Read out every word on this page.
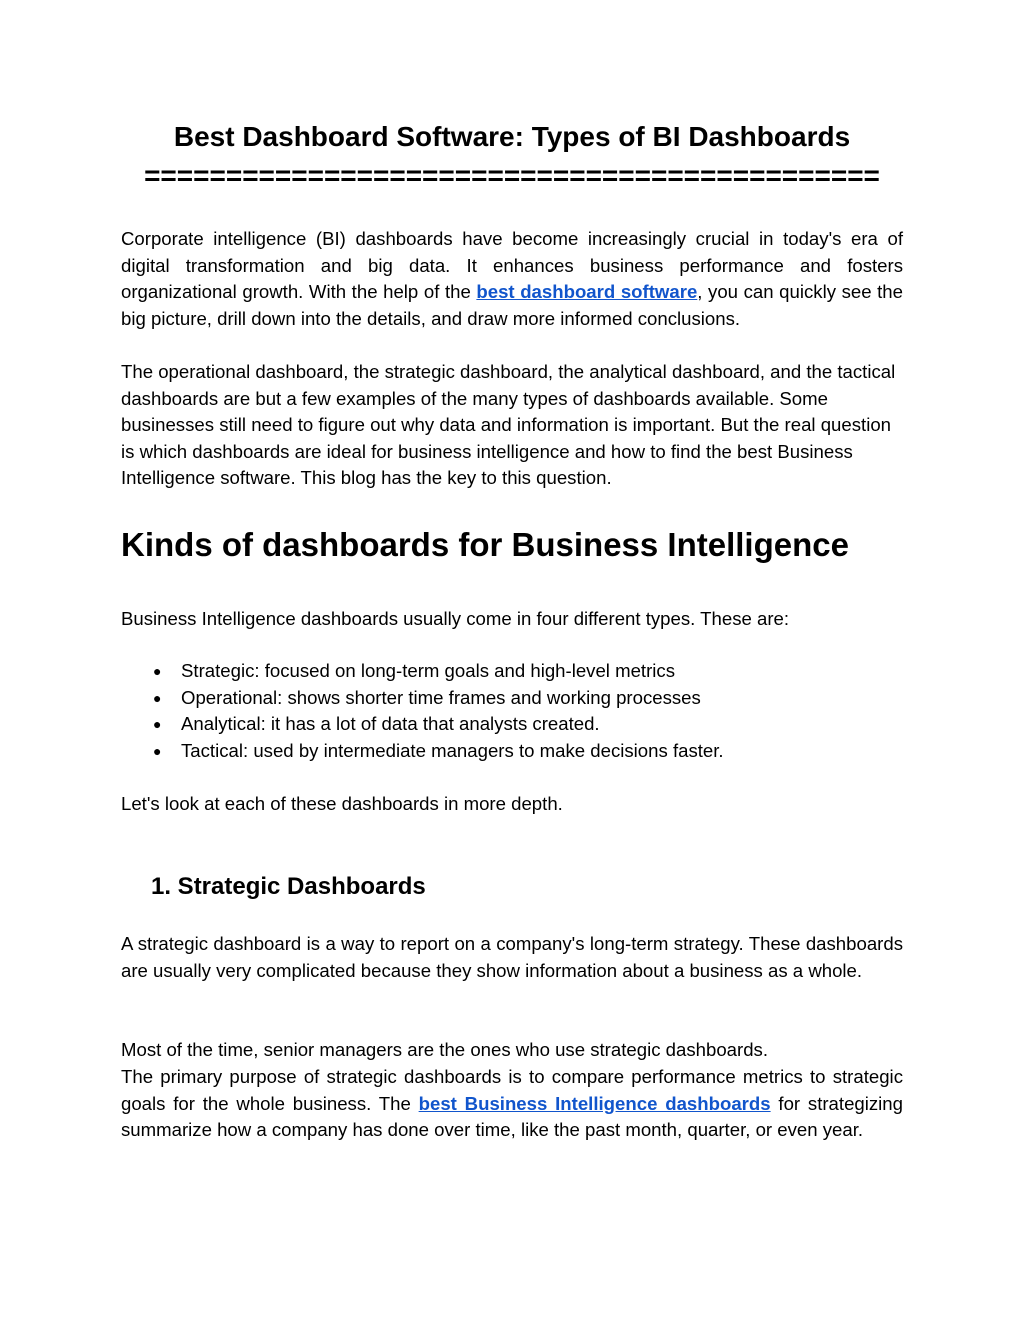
Best Dashboard Software: Types of BI Dashboards
=============================================

Corporate intelligence (BI) dashboards have become increasingly crucial in today's era of digital transformation and big data. It enhances business performance and fosters organizational growth. With the help of the best dashboard software, you can quickly see the big picture, drill down into the details, and draw more informed conclusions.

The operational dashboard, the strategic dashboard, the analytical dashboard, and the tactical dashboards are but a few examples of the many types of dashboards available. Some businesses still need to figure out why data and information is important. But the real question is which dashboards are ideal for business intelligence and how to find the best Business Intelligence software. This blog has the key to this question.

Kinds of dashboards for Business Intelligence

Business Intelligence dashboards usually come in four different types. These are:

● Strategic: focused on long-term goals and high-level metrics
● Operational: shows shorter time frames and working processes
● Analytical: it has a lot of data that analysts created.
● Tactical: used by intermediate managers to make decisions faster.

Let's look at each of these dashboards in more depth.

1. Strategic Dashboards

A strategic dashboard is a way to report on a company's long-term strategy. These dashboards are usually very complicated because they show information about a business as a whole.

Most of the time, senior managers are the ones who use strategic dashboards.

The primary purpose of strategic dashboards is to compare performance metrics to strategic goals for the whole business. The best Business Intelligence dashboards for strategizing summarize how a company has done over time, like the past month, quarter, or even year.
